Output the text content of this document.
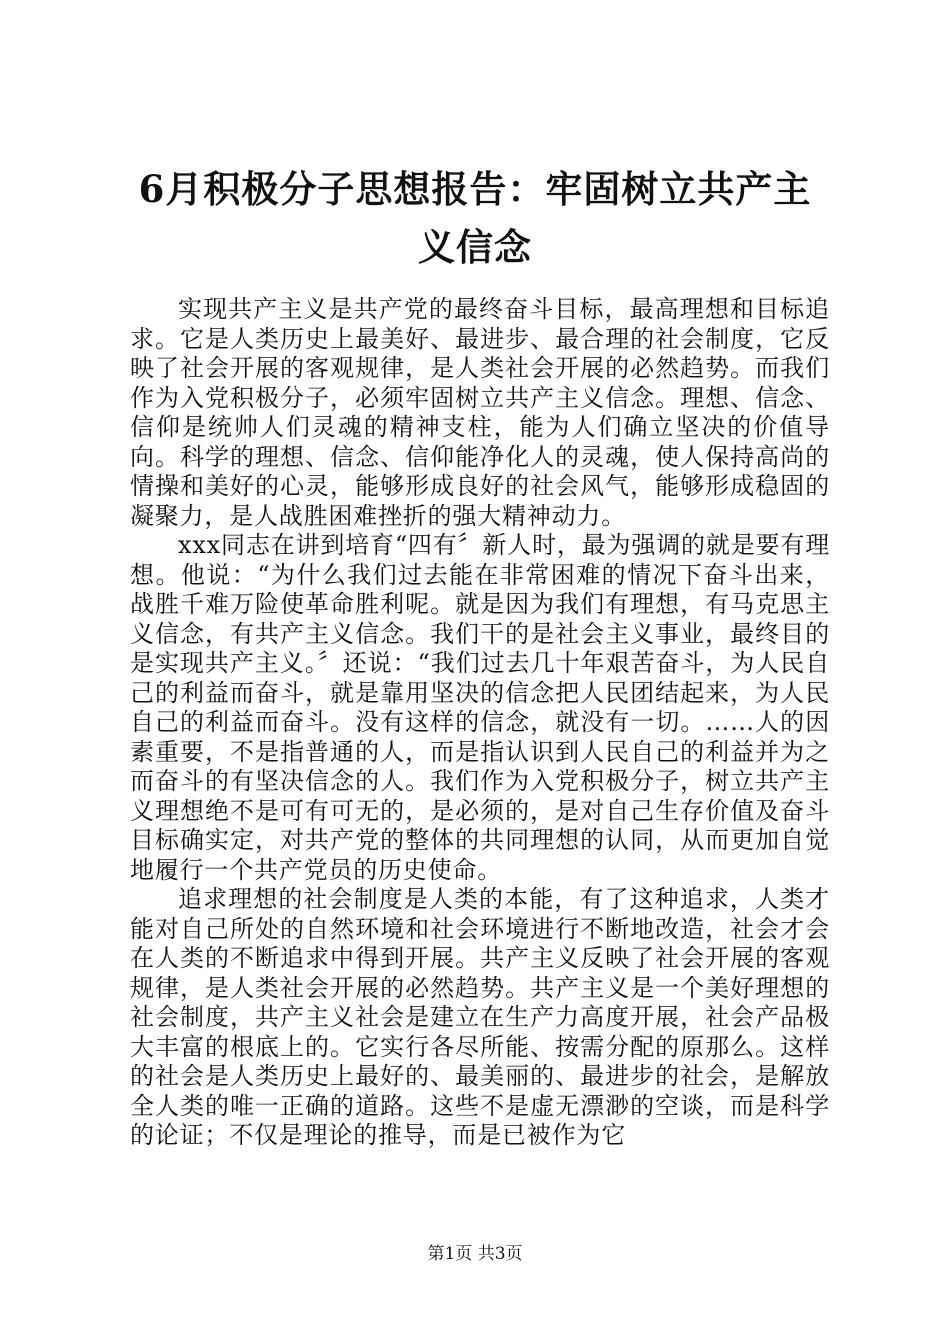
6月积极分子思想报告：牢固树立共产主义信念

实现共产主义是共产党的最终奋斗目标，最高理想和目标追求。它是人类历史上最美好、最进步、最合理的社会制度，它反映了社会开展的客观规律，是人类社会开展的必然趋势。而我们作为入党积极分子，必须牢固树立共产主义信念。理想、信念、信仰是统帅人们灵魂的精神支柱，能为人们确立坚决的价值导向。科学的理想、信念、信仰能净化人的灵魂，使人保持高尚的情操和美好的心灵，能够形成良好的社会风气，能够形成稳固的凝聚力，是人战胜困难挫折的强大精神动力。

xxx同志在讲到培育“四有〞新人时，最为强调的就是要有理想。他说：“为什么我们过去能在非常困难的情况下奋斗出来，战胜千难万险使革命胜利呢。就是因为我们有理想，有马克思主义信念，有共产主义信念。我们干的是社会主义事业，最终目的是实现共产主义。〞还说：“我们过去几十年艰苦奋斗，为人民自己的利益而奋斗，就是靠用坚决的信念把人民团结起来，为人民自己的利益而奋斗。没有这样的信念，就没有一切。……人的因素重要，不是指普通的人，而是指认识到人民自己的利益并为之而奋斗的有坚决信念的人。我们作为入党积极分子，树立共产主义理想绝不是可有可无的，是必须的，是对自己生存价值及奋斗目标确实定，对共产党的整体的共同理想的认同，从而更加自觉地履行一个共产党员的历史使命。

追求理想的社会制度是人类的本能，有了这种追求，人类才能对自己所处的自然环境和社会环境进行不断地改造，社会才会在人类的不断追求中得到开展。共产主义反映了社会开展的客观规律，是人类社会开展的必然趋势。共产主义是一个美好理想的社会制度，共产主义社会是建立在生产力高度开展，社会产品极大丰富的根底上的。它实行各尽所能、按需分配的原那么。这样的社会是人类历史上最好的、最美丽的、最进步的社会，是解放全人类的唯一正确的道路。这些不是虚无漂渺的空谈，而是科学的论证；不仅是理论的推导，而是已被作为它

第1页 共3页
